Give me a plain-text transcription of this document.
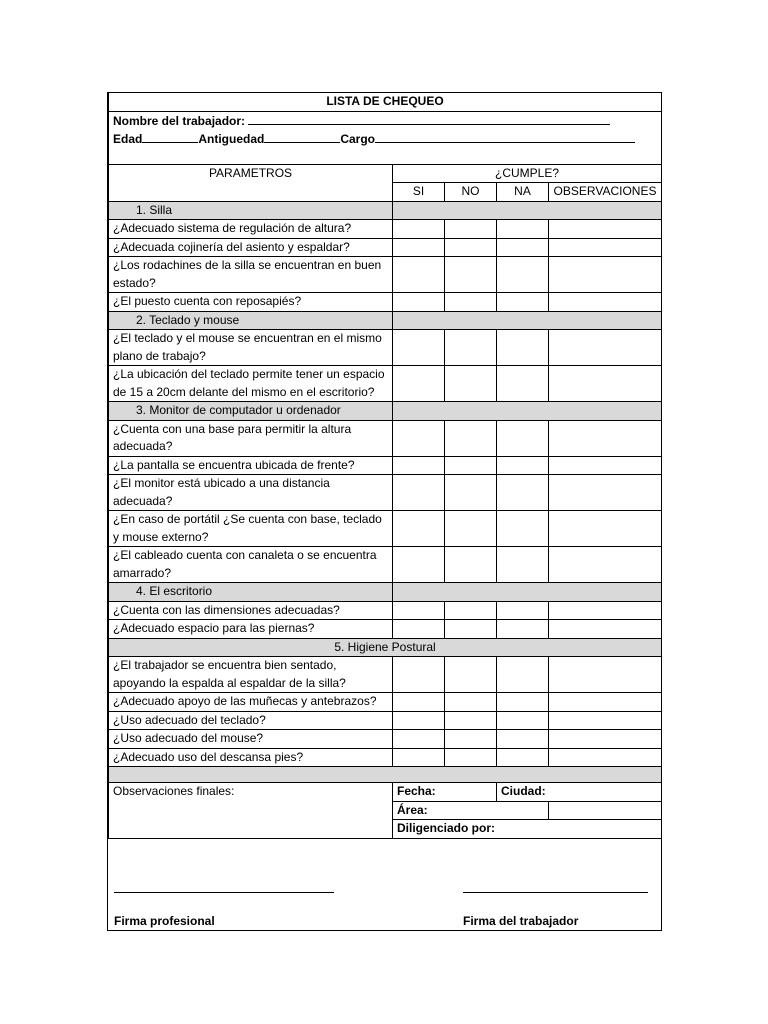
LISTA DE CHEQUEO				

Nombre del trabajador:
Edad Antiguedad Cargo				

PARAMETROS	¿CUMPLE?			
	SI	NO	NA	OBSERVACIONES
1. Silla				
¿Adecuado sistema de regulación de altura?				
¿Adecuada cojinería del asiento y espaldar?				
¿Los rodachines de la silla se encuentran en buen estado?				
¿El puesto cuenta con reposapiés?				
2. Teclado y mouse				
¿El teclado y el mouse se encuentran en el mismo plano de trabajo?				
¿La ubicación del teclado permite tener un espacio de 15 a 20cm delante del mismo en el escritorio?				
3. Monitor de computador u ordenador				
¿Cuenta con una base para permitir la altura adecuada?				
¿La pantalla se encuentra ubicada de frente?				
¿El monitor está ubicado a una distancia adecuada?				
¿En caso de portátil ¿Se cuenta con base, teclado y mouse externo?				
¿El cableado cuenta con canaleta o se encuentra amarrado?				
4. El escritorio				
¿Cuenta con las dimensiones adecuadas?				
¿Adecuado espacio para las piernas?				
5. Higiene Postural				
¿El trabajador se encuentra bien sentado, apoyando la espalda al espaldar de la silla?				
¿Adecuado apoyo de las muñecas y antebrazos?				
¿Uso adecuado del teclado?				
¿Uso adecuado del mouse?				
¿Adecuado uso del descansa pies?				

Observaciones finales:	Fecha:		Ciudad:	
	Área:			
	Diligenciado por:			
Firma profesional	Firma del trabajador
